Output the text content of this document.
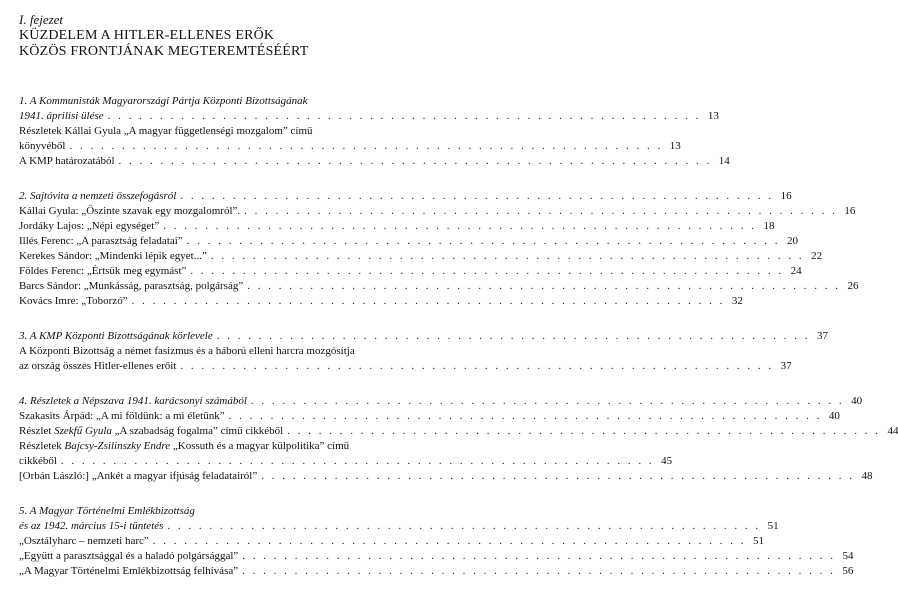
I. fejezet
KÜZDELEM A HITLER-ELLENES ERŐK
KÖZÖS FRONTJÁNAK MEGTEREMTÉSÉÉRT
1. A Kommunisták Magyarországi Pártja Központi Bizottságának
1941. áprilisi ülése . . . . . . . . . . . . . . . . . . . . . . . . . . . . . . . . . . . . . . . . . . . . . . . . . . . . . . . . . 13
Részletek Kállai Gyula „A magyar függetlenségi mozgalom” című
könyvéből . . . . . . . . . . . . . . . . . . . . . . . . . . . . . . . . . . . . . . . . . . . . . . . . . . . . . . . . . 13
A KMP határozatából . . . . . . . . . . . . . . . . . . . . . . . . . . . . . . . . . . . . . . . . . . . . . . . . . . . . . . . . . 14
2. Sajtóvita a nemzeti összefogásról . . . . . . . . . . . . . . . . . . . . . . . . . . . . . . . . . . . . . . . . . . . . . . . . . . . . . . . . . 16
Kállai Gyula: „Őszinte szavak egy mozgalomról”. . . . . . . . . . . . . . . . . . . . . . . . . . . . . . . . . . . . . . . . . . . . . . . . . . . . . . . . . . 16
Jordáky Lajos: „Népi egységet” . . . . . . . . . . . . . . . . . . . . . . . . . . . . . . . . . . . . . . . . . . . . . . . . . . . . . . . . . 18
Illés Ferenc: „A parasztság feladatai” . . . . . . . . . . . . . . . . . . . . . . . . . . . . . . . . . . . . . . . . . . . . . . . . . . . . . . . . . 20
Kerekes Sándor: „Mindenki lépik egyet...” . . . . . . . . . . . . . . . . . . . . . . . . . . . . . . . . . . . . . . . . . . . . . . . . . . . . . . . . . 22
Földes Ferenc: „Értsük meg egymást” . . . . . . . . . . . . . . . . . . . . . . . . . . . . . . . . . . . . . . . . . . . . . . . . . . . . . . . . . 24
Barcs Sándor: „Munkásság, parasztság, polgárság” . . . . . . . . . . . . . . . . . . . . . . . . . . . . . . . . . . . . . . . . . . . . . . . . . . . . . . . . . 26
Kovács Imre: „Toborzó” . . . . . . . . . . . . . . . . . . . . . . . . . . . . . . . . . . . . . . . . . . . . . . . . . . . . . . . . . 32
3. A KMP Központi Bizottságának körlevele . . . . . . . . . . . . . . . . . . . . . . . . . . . . . . . . . . . . . . . . . . . . . . . . . . . . . . . . . 37
A Központi Bizottság a német fasizmus és a háború elleni harcra mozgósítja
az ország összes Hitler-ellenes erőit . . . . . . . . . . . . . . . . . . . . . . . . . . . . . . . . . . . . . . . . . . . . . . . . . . . . . . . . . 37
4. Részletek a Népszava 1941. karácsonyi számából . . . . . . . . . . . . . . . . . . . . . . . . . . . . . . . . . . . . . . . . . . . . . . . . . . . . . . . . . 40
Szakasits Árpád: „A mi földünk: a mi életünk” . . . . . . . . . . . . . . . . . . . . . . . . . . . . . . . . . . . . . . . . . . . . . . . . . . . . . . . . . 40
Részlet Szekfű Gyula „A szabadság fogalma” című cikkéből . . . . . . . . . . . . . . . . . . . . . . . . . . . . . . . . . . . . . . . . . . . . . . . . . . . . . . . . . 44
Részletek Bajcsy-Zsilinszky Endre „Kossuth és a magyar külpolitika” című
cikkéből . . . . . . . . . . . . . . . . . . . . . . . . . . . . . . . . . . . . . . . . . . . . . . . . . . . . . . . . . 45
[Orbán László:] „Ankét a magyar ifjúság feladatairól” . . . . . . . . . . . . . . . . . . . . . . . . . . . . . . . . . . . . . . . . . . . . . . . . . . . . . . . . . 48
5. A Magyar Történelmi Emlékbizottság
és az 1942. március 15-i tüntetés . . . . . . . . . . . . . . . . . . . . . . . . . . . . . . . . . . . . . . . . . . . . . . . . . . . . . . . . . 51
„Osztályharc – nemzeti harc” . . . . . . . . . . . . . . . . . . . . . . . . . . . . . . . . . . . . . . . . . . . . . . . . . . . . . . . . . 51
„Együtt a parasztsággal és a haladó polgársággal” . . . . . . . . . . . . . . . . . . . . . . . . . . . . . . . . . . . . . . . . . . . . . . . . . . . . . . . . . 54
„A Magyar Történelmi Emlékbizottság felhívása” . . . . . . . . . . . . . . . . . . . . . . . . . . . . . . . . . . . . . . . . . . . . . . . . . . . . . . . . . 56
